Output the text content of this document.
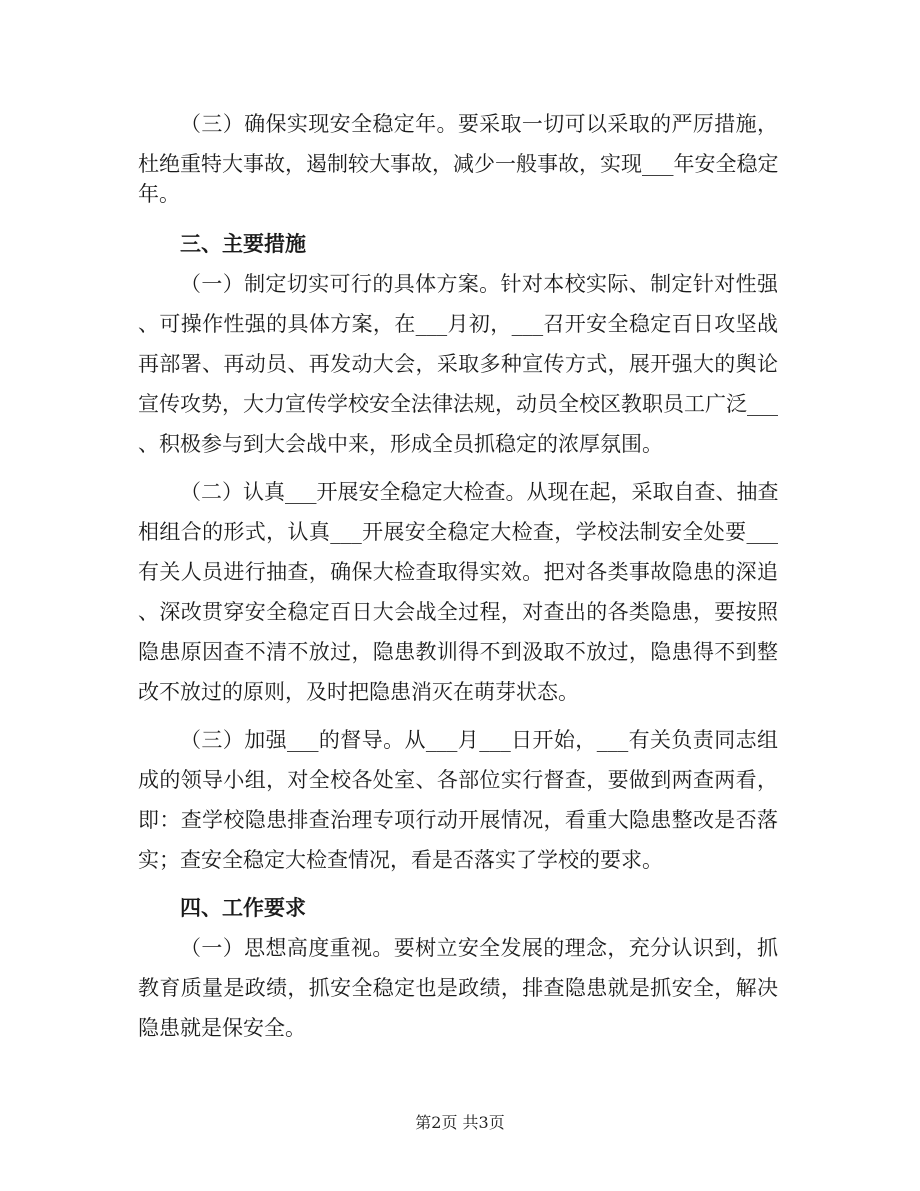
（三）确保实现安全稳定年。要采取一切可以采取的严厉措施，
杜绝重特大事故，遏制较大事故，减少一般事故，实现___年安全稳定
年。
三、主要措施
（一）制定切实可行的具体方案。针对本校实际、制定针对性强
、可操作性强的具体方案，在___月初，___召开安全稳定百日攻坚战
再部署、再动员、再发动大会，采取多种宣传方式，展开强大的舆论
宣传攻势，大力宣传学校安全法律法规，动员全校区教职员工广泛___
、积极参与到大会战中来，形成全员抓稳定的浓厚氛围。
（二）认真___开展安全稳定大检查。从现在起，采取自查、抽查
相组合的形式，认真___开展安全稳定大检查，学校法制安全处要___
有关人员进行抽查，确保大检查取得实效。把对各类事故隐患的深追
、深改贯穿安全稳定百日大会战全过程，对查出的各类隐患，要按照
隐患原因查不清不放过，隐患教训得不到汲取不放过，隐患得不到整
改不放过的原则，及时把隐患消灭在萌芽状态。
（三）加强___的督导。从___月___日开始，___有关负责同志组
成的领导小组，对全校各处室、各部位实行督查，要做到两查两看，
即：查学校隐患排查治理专项行动开展情况，看重大隐患整改是否落
实；查安全稳定大检查情况，看是否落实了学校的要求。
四、工作要求
（一）思想高度重视。要树立安全发展的理念，充分认识到，抓
教育质量是政绩，抓安全稳定也是政绩，排查隐患就是抓安全，解决
隐患就是保安全。
第2页 共3页
